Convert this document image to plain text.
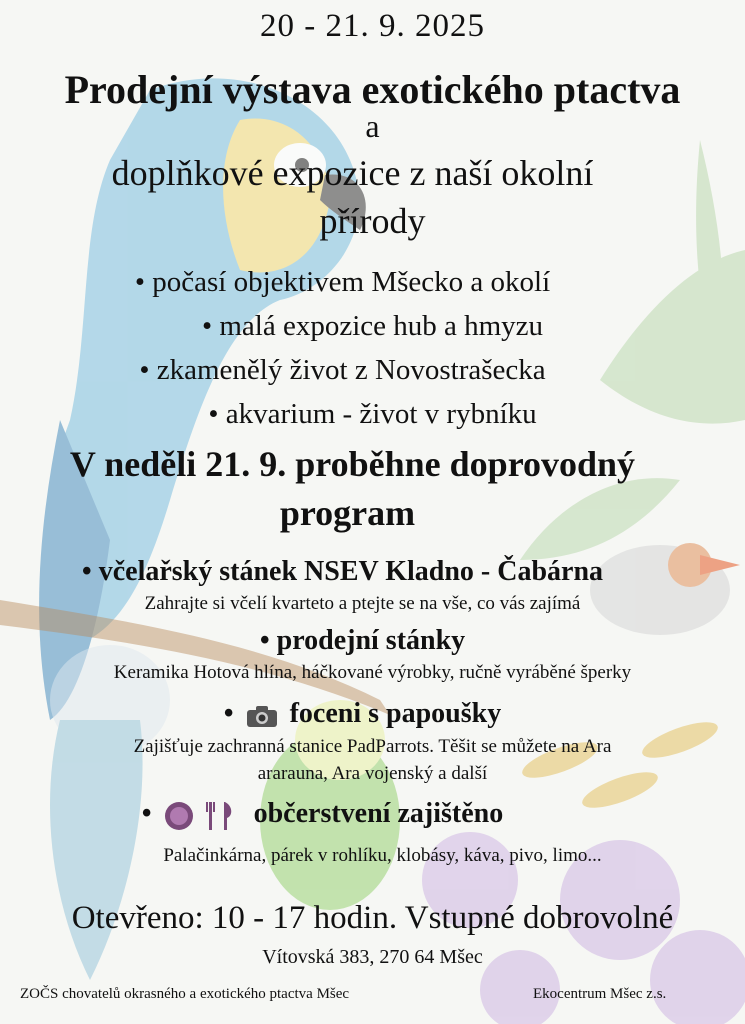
20 - 21. 9. 2025
Prodejní výstava exotického ptactva
a
doplňkové expozice z naší okolní
přírody
• počasí objektivem Mšecko a okolí
• malá expozice hub a hmyzu
• zkamenělý život z Novostrašecka
• akvarium - život v rybníku
V neděli 21. 9. proběhne doprovodný
program
• včelařský stánek NSEV Kladno - Čabárna
Zahrajte si včelí kvarteto a ptejte se na vše, co vás zajímá
• prodejní stánky
Keramika Hotová hlína, háčkované výrobky, ručně vyráběné šperky
• foceni s papoušky
Zajišťuje zachranná stanice PadParrots. Těšit se můžete na Ara
ararauna, Ara vojenský a další
•	občerstvení zajištěno
Palačinkárna, párek v rohlíku, klobásy, káva, pivo, limo...
Otevřeno: 10 - 17 hodin. Vstupné dobrovolné
Vítovská 383, 270 64 Mšec
ZOČS chovatelů okrasného a exotického ptactva Mšec	Ekocentrum Mšec z.s.
